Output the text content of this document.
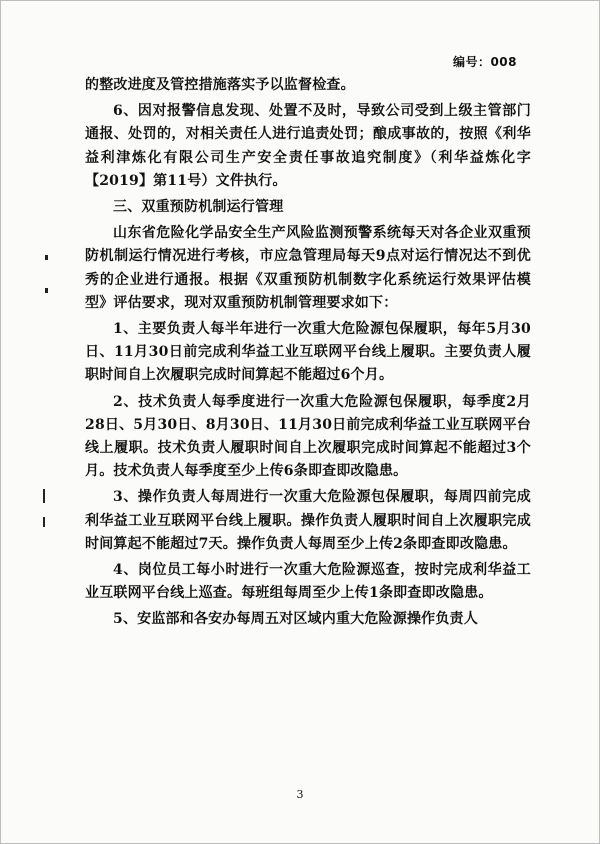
编号：008

的整改进度及管控措施落实予以监督检查。

6、因对报警信息发现、处置不及时，导致公司受到上级主管部门通报、处罚的，对相关责任人进行追责处罚；酿成事故的，按照《利华益利津炼化有限公司生产安全责任事故追究制度》（利华益炼化字【2019】第11号）文件执行。

三、双重预防机制运行管理

山东省危险化学品安全生产风险监测预警系统每天对各企业双重预防机制运行情况进行考核，市应急管理局每天9点对运行情况达不到优秀的企业进行通报。根据《双重预防机制数字化系统运行效果评估模型》评估要求，现对双重预防机制管理要求如下：

1、主要负责人每半年进行一次重大危险源包保履职，每年5月30日、11月30日前完成利华益工业互联网平台线上履职。主要负责人履职时间自上次履职完成时间算起不能超过6个月。

2、技术负责人每季度进行一次重大危险源包保履职，每季度2月28日、5月30日、8月30日、11月30日前完成利华益工业互联网平台线上履职。技术负责人履职时间自上次履职完成时间算起不能超过3个月。技术负责人每季度至少上传6条即查即改隐患。

3、操作负责人每周进行一次重大危险源包保履职，每周四前完成利华益工业互联网平台线上履职。操作负责人履职时间自上次履职完成时间算起不能超过7天。操作负责人每周至少上传2条即查即改隐患。

4、岗位员工每小时进行一次重大危险源巡查，按时完成利华益工业互联网平台线上巡查。每班组每周至少上传1条即查即改隐患。

5、安监部和各安办每周五对区域内重大危险源操作负责人

3
